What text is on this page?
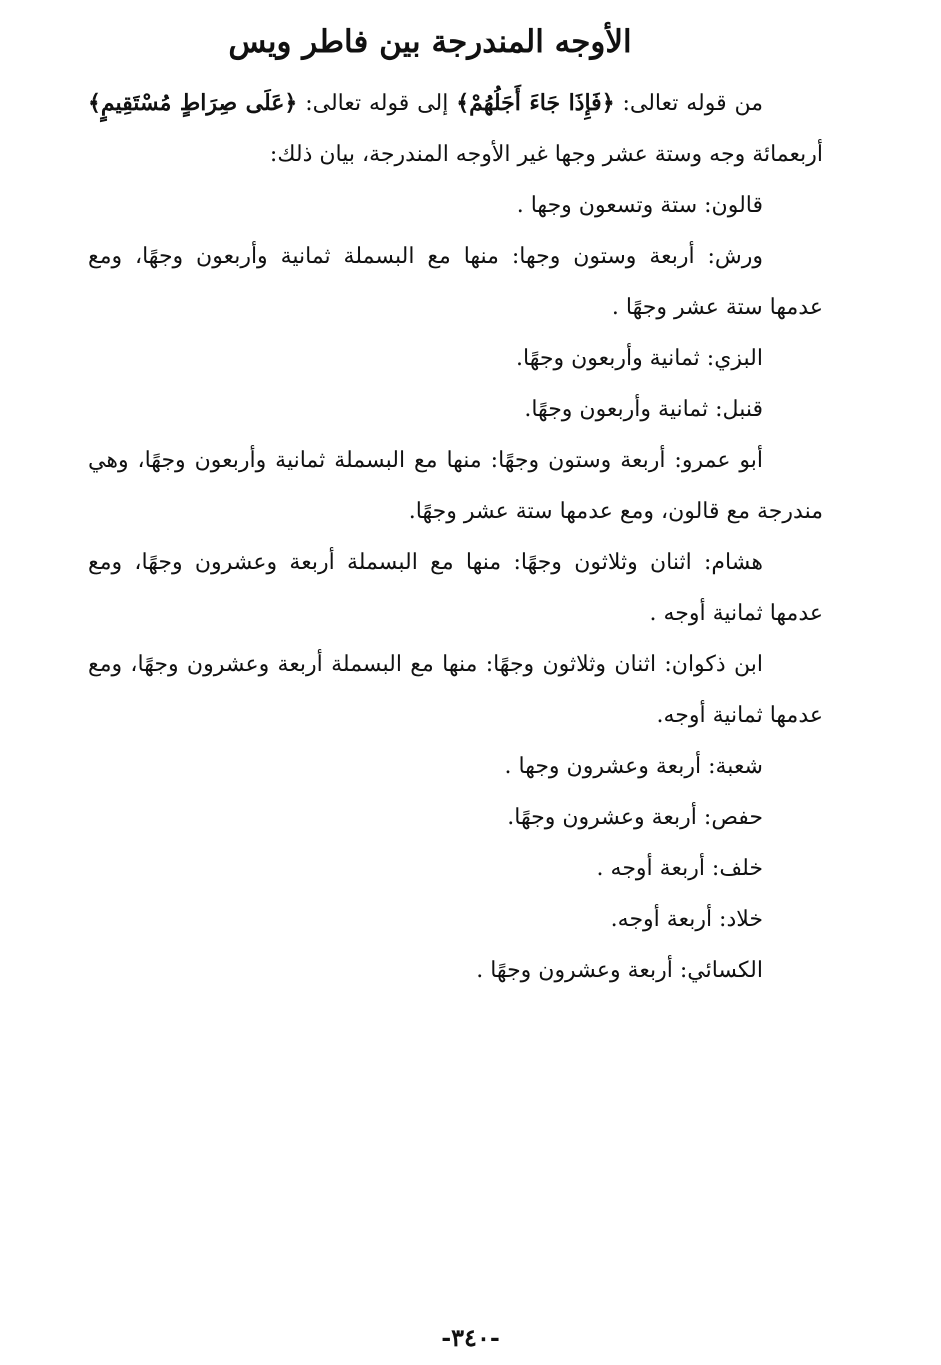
الأوجه المندرجة بين فاطر ويس

من قوله تعالى: ﴿فَإِذَا جَاءَ أَجَلُهُمْ﴾ إلى قوله تعالى: ﴿عَلَى صِرَاطٍ مُسْتَقِيمٍ﴾ أربعمائة وجه وستة عشر وجها غير الأوجه المندرجة، بيان ذلك:

قالون: ستة وتسعون وجها .

ورش: أربعة وستون وجها: منها مع البسملة ثمانية وأربعون وجهًا، ومع عدمها ستة عشر وجهًا .

البزي: ثمانية وأربعون وجهًا.

قنبل: ثمانية وأربعون وجهًا.

أبو عمرو: أربعة وستون وجهًا: منها مع البسملة ثمانية وأربعون وجهًا، وهي مندرجة مع قالون، ومع عدمها ستة عشر وجهًا.

هشام: اثنان وثلاثون وجهًا: منها مع البسملة أربعة وعشرون وجهًا، ومع عدمها ثمانية أوجه .

ابن ذكوان: اثنان وثلاثون وجهًا: منها مع البسملة أربعة وعشرون وجهًا، ومع عدمها ثمانية أوجه.

شعبة: أربعة وعشرون وجها .

حفص: أربعة وعشرون وجهًا.

خلف: أربعة أوجه .

خلاد: أربعة أوجه.

الكسائي: أربعة وعشرون وجهًا .

-٣٤٠-
